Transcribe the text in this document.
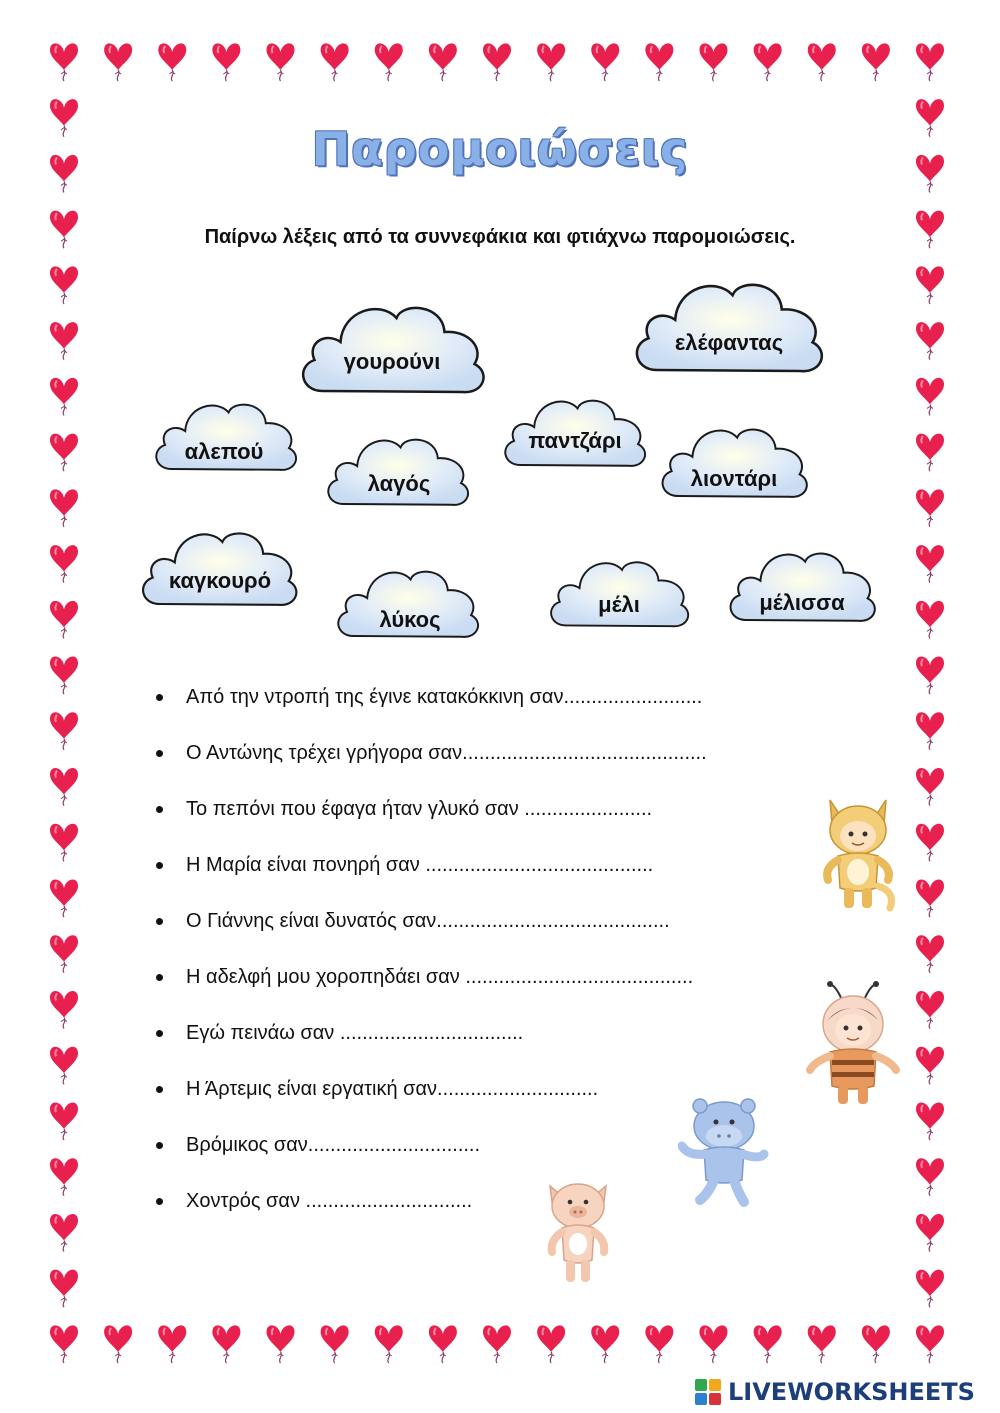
Παρομοιώσεις
Παίρνω λέξεις από τα συννεφάκια και φτιάχνω παρομοιώσεις.
γουρούνι
ελέφαντας
αλεπού
λαγός
παντζάρι
λιοντάρι
καγκουρό
λύκος
μέλι	μέλισσα
Από την ντροπή της έγινε κατακόκκινη σαν.........................
Ο Αντώνης τρέχει γρήγορα σαν............................................
Το πεπόνι που έφαγα ήταν γλυκό σαν .......................
Η Μαρία είναι πονηρή σαν .........................................
Ο Γιάννης είναι δυνατός σαν..........................................
Η αδελφή μου χοροπηδάει σαν .........................................
Εγώ πεινάω σαν .................................
Η Άρτεμις είναι εργατική σαν.............................
Βρόμικος σαν...............................
Χοντρός σαν ..............................
LIVEWORKSHEETS
